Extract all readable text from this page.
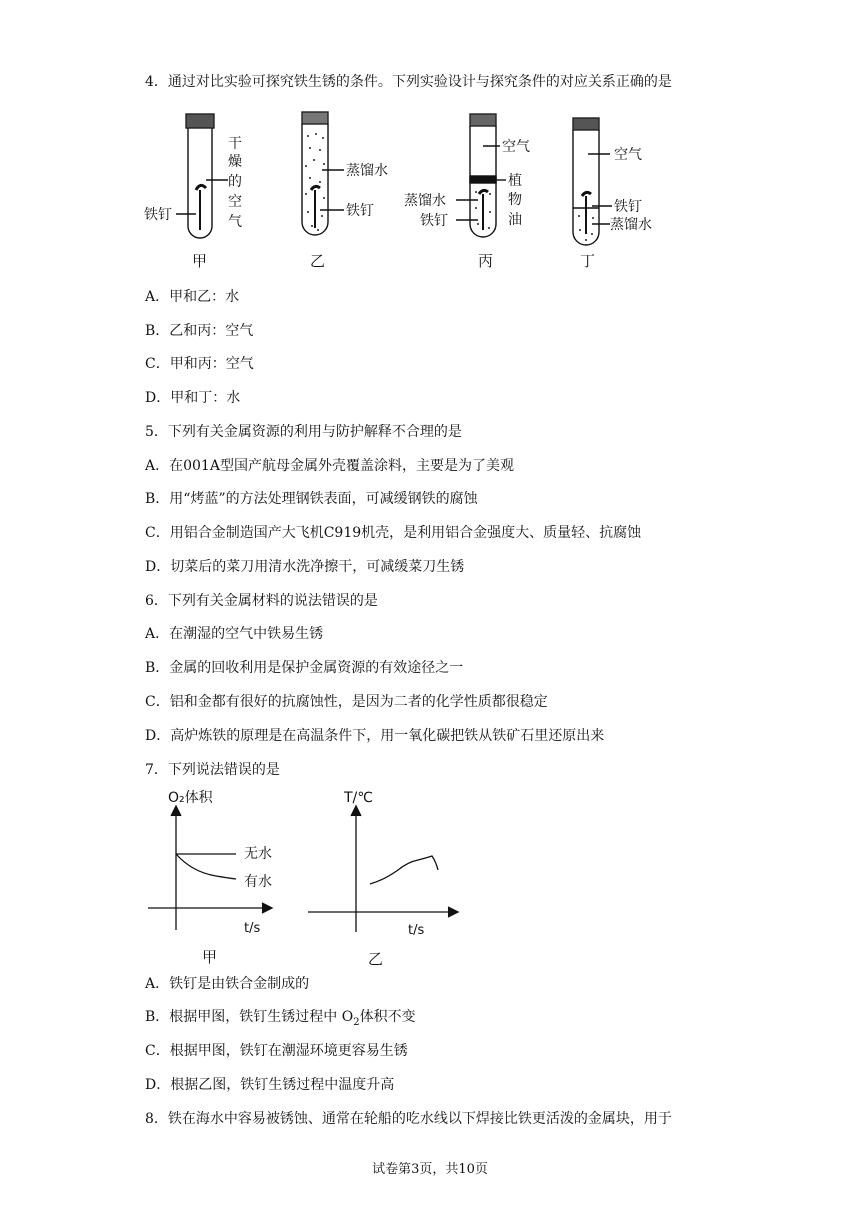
4．通过对比实验可探究铁生锈的条件。下列实验设计与探究条件的对应关系正确的是
铁钉
干
燥
的
空
气
甲
蒸馏水
铁钉
乙
空气
植
物
油
蒸馏水
铁钉
丙
空气
铁钉
蒸馏水
丁
A．甲和乙：水
B．乙和丙：空气
C．甲和丙：空气
D．甲和丁：水
5．下列有关金属资源的利用与防护解释不合理的是
A．在001A型国产航母金属外壳覆盖涂料，主要是为了美观
B．用“烤蓝”的方法处理钢铁表面，可减缓钢铁的腐蚀
C．用铝合金制造国产大飞机C919机壳，是利用铝合金强度大、质量轻、抗腐蚀
D．切菜后的菜刀用清水洗净擦干，可减缓菜刀生锈
6．下列有关金属材料的说法错误的是
A．在潮湿的空气中铁易生锈
B．金属的回收利用是保护金属资源的有效途径之一
C．铝和金都有很好的抗腐蚀性，是因为二者的化学性质都很稳定
D．高炉炼铁的原理是在高温条件下，用一氧化碳把铁从铁矿石里还原出来
7．下列说法错误的是
O₂体积
无水
有水
t/s
甲
T/℃
t/s
乙
A．铁钉是由铁合金制成的
B．根据甲图，铁钉生锈过程中 $O_2$体积不变
C．根据甲图，铁钉在潮湿环境更容易生锈
D．根据乙图，铁钉生锈过程中温度升高
8．铁在海水中容易被锈蚀、通常在轮船的吃水线以下焊接比铁更活泼的金属块，用于
试卷第3页，共10页
